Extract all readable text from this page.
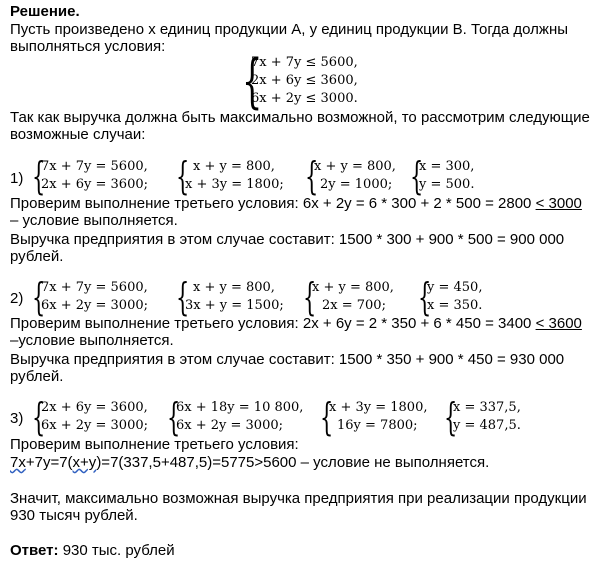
Решение.
Пусть произведено x единиц продукции A, у единиц продукции B. Тогда должны
выполняться условия:
{
7x + 7y ≤ 5600,
2x + 6y ≤ 3600,
6x + 2y ≤ 3000.
Так как выручка должна быть максимально возможной, то рассмотрим следующие
возможные случаи:
1) {
7x + 7y = 5600,
2x + 6y = 3600; { x + y = 800,
x + 3y = 1800; {
x + y = 800,
2y = 1000; {
x = 300,
y = 500.
Проверим выполнение третьего условия: 6x + 2y = 6 * 300 + 2 * 500 = 2800 < 3000
– условие выполняется.
Выручка предприятия в этом случае составит: 1500 * 300 + 900 * 500 = 900 000
рублей.
2) {
7x + 7y = 5600,
6x + 2y = 3000; { x + y = 800,
3x + y = 1500; {
x + y = 800,
2x = 700; {
y = 450,
x = 350.
Проверим выполнение третьего условия: 2x + 6y = 2 * 350 + 6 * 450 = 3400 < 3600
–условие выполняется.
Выручка предприятия в этом случае составит: 1500 * 350 + 900 * 450 = 930 000
рублей.
3) {
2x + 6y = 3600,
6x + 2y = 3000; {
6x + 18y = 10 800,
6x + 2y = 3000; {
x + 3y = 1800,
16y = 7800; {
x = 337,5,
y = 487,5.
Проверим выполнение третьего условия:
7x+7y=7(x+y)=7(337,5+487,5)=5775>5600 – условие не выполняется.
Значит, максимально возможная выручка предприятия при реализации продукции
930 тысяч рублей.
Ответ: 930 тыс. рублей
